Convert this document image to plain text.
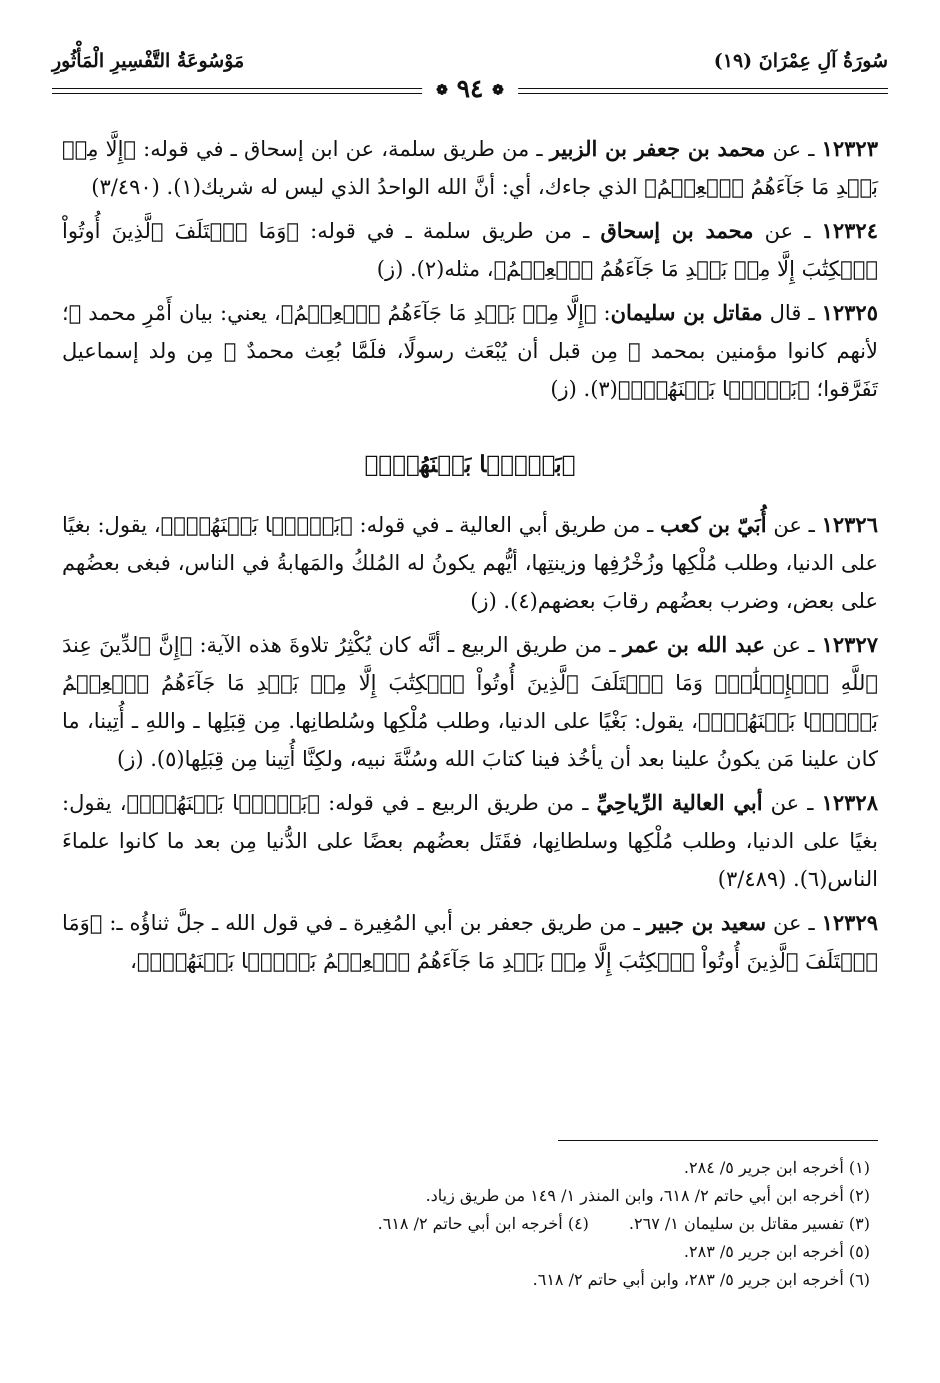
سُورَةُ آلِ عِمْرَانَ (١٩)
مَوْسُوعَةُ التَّفْسِيرِ الْمَأْثُورِ
❁ ٩٤ ❁

١٢٣٢٣ ـ عن محمد بن جعفر بن الزبير ـ من طريق سلمة، عن ابن إسحاق ـ في قوله: ﴿إِلَّا مِنۢ بَعۡدِ مَا جَآءَهُمُ ٱلۡعِلۡمُ﴾ الذي جاءك، أي: أنَّ الله الواحدُ الذي ليس له شريك(١). (٣/٤٩٠)

١٢٣٢٤ ـ عن محمد بن إسحاق ـ من طريق سلمة ـ في قوله: ﴿وَمَا ٱخۡتَلَفَ ٱلَّذِينَ أُوتُواْ ٱلۡكِتَٰبَ إِلَّا مِنۢ بَعۡدِ مَا جَآءَهُمُ ٱلۡعِلۡمُ﴾، مثله(٢). (ز)

١٢٣٢٥ ـ قال مقاتل بن سليمان: ﴿إِلَّا مِنۢ بَعۡدِ مَا جَآءَهُمُ ٱلۡعِلۡمُ﴾، يعني: بيان أَمْرِ محمد ﷺ؛ لأنهم كانوا مؤمنين بمحمد ﷺ مِن قبل أن يُبْعَث رسولًا، فلَمَّا بُعِث محمدٌ ﷺ مِن ولد إسماعيل تَفَرَّقوا؛ ﴿بَغۡيَۢا بَيۡنَهُمۡۗ﴾(٣). (ز)

﴿بَغۡيَۢا بَيۡنَهُمۡۗ﴾

١٢٣٢٦ ـ عن أُبَيّ بن كعب ـ من طريق أبي العالية ـ في قوله: ﴿بَغۡيَۢا بَيۡنَهُمۡۗ﴾، يقول: بغيًا على الدنيا، وطلب مُلْكِها وزُخْرُفِها وزينتِها، أيُّهم يكونُ له المُلكُ والمَهابةُ في الناس، فبغى بعضُهم على بعض، وضرب بعضُهم رقابَ بعضهم(٤). (ز)

١٢٣٢٧ ـ عن عبد الله بن عمر ـ من طريق الربيع ـ أنَّه كان يُكْثِرُ تلاوةَ هذه الآية: ﴿إِنَّ ٱلدِّينَ عِندَ ٱللَّهِ ٱلۡإِسۡلَٰمُۗ وَمَا ٱخۡتَلَفَ ٱلَّذِينَ أُوتُواْ ٱلۡكِتَٰبَ إِلَّا مِنۢ بَعۡدِ مَا جَآءَهُمُ ٱلۡعِلۡمُ بَغۡيَۢا بَيۡنَهُمۡۗ﴾، يقول: بَغْيًا على الدنيا، وطلب مُلْكِها وسُلطانِها. مِن قِبَلِها ـ واللهِ ـ أُتِينا، ما كان علينا مَن يكونُ علينا بعد أن يأخُذ فينا كتابَ الله وسُنَّةَ نبيه، ولكِنَّا أُتِينا مِن قِبَلِها(٥). (ز)

١٢٣٢٨ ـ عن أبي العالية الرِّياحِيِّ ـ من طريق الربيع ـ في قوله: ﴿بَغۡيَۢا بَيۡنَهُمۡۗ﴾، يقول: بغيًا على الدنيا، وطلب مُلْكِها وسلطانِها، فقَتَل بعضُهم بعضًا على الدُّنيا مِن بعد ما كانوا علماءَ الناس(٦). (٣/٤٨٩)

١٢٣٢٩ ـ عن سعيد بن جبير ـ من طريق جعفر بن أبي المُغِيرة ـ في قول الله ـ جلَّ ثناؤُه ـ: ﴿وَمَا ٱخۡتَلَفَ ٱلَّذِينَ أُوتُواْ ٱلۡكِتَٰبَ إِلَّا مِنۢ بَعۡدِ مَا جَآءَهُمُ ٱلۡعِلۡمُ بَغۡيَۢا بَيۡنَهُمۡۗ﴾،

(١) أخرجه ابن جرير ٥/ ٢٨٤.
(٢) أخرجه ابن أبي حاتم ٢/ ٦١٨، وابن المنذر ١/ ١٤٩ من طريق زياد.
(٣) تفسير مقاتل بن سليمان ١/ ٢٦٧.
(٤) أخرجه ابن أبي حاتم ٢/ ٦١٨.
(٥) أخرجه ابن جرير ٥/ ٢٨٣.
(٦) أخرجه ابن جرير ٥/ ٢٨٣، وابن أبي حاتم ٢/ ٦١٨.
